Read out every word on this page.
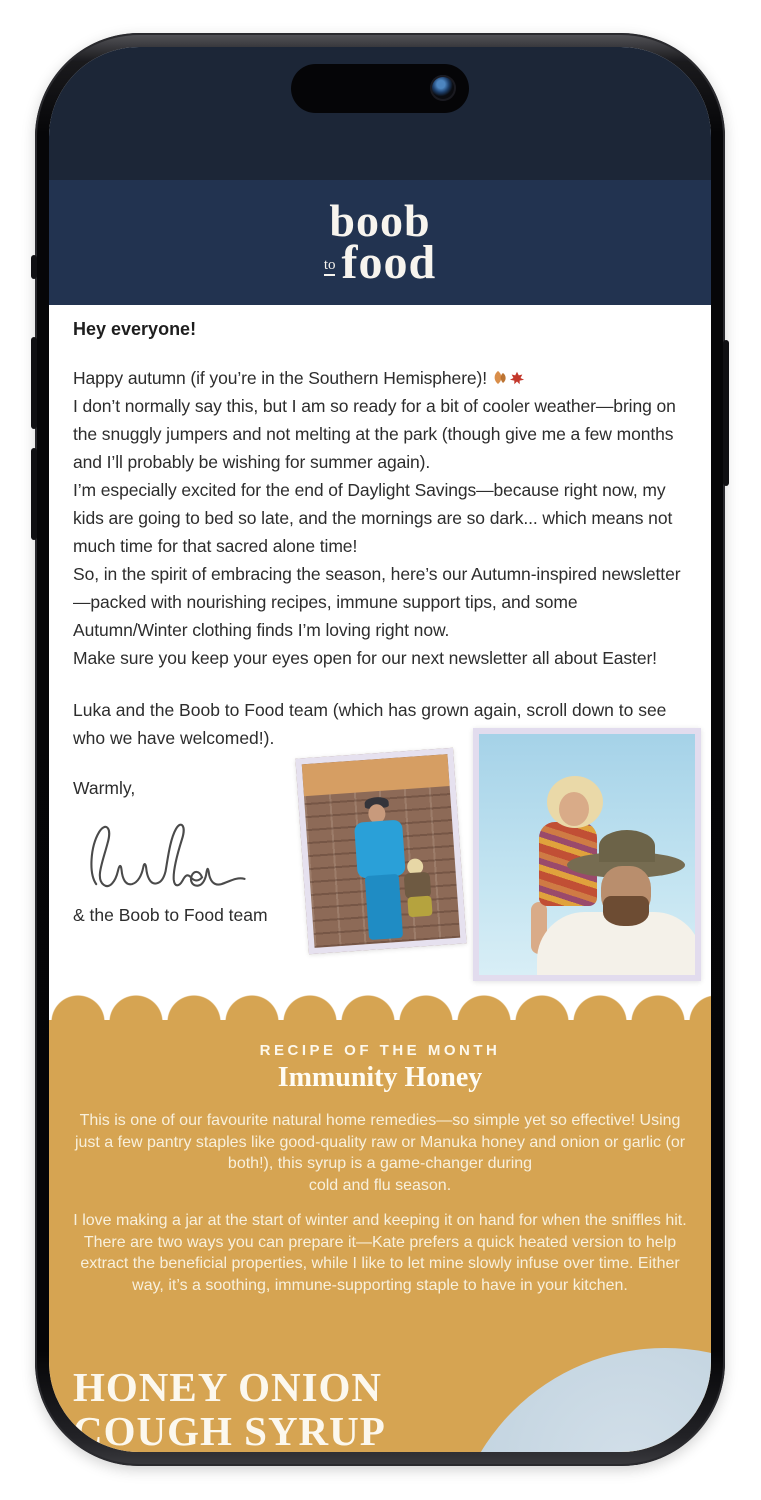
boob
to food

Hey everyone!

Happy autumn (if you’re in the Southern Hemisphere)!

I don’t normally say this, but I am so ready for a bit of cooler weather—bring on the snuggly jumpers and not melting at the park (though give me a few months and I’ll probably be wishing for summer again).

I’m especially excited for the end of Daylight Savings—because right now, my kids are going to bed so late, and the mornings are so dark... which means not much time for that sacred alone time!

So, in the spirit of embracing the season, here’s our Autumn-inspired newsletter—packed with nourishing recipes, immune support tips, and some Autumn/Winter clothing finds I’m loving right now.

Make sure you keep your eyes open for our next newsletter all about Easter!

Luka and the Boob to Food team (which has grown again, scroll down to see who we have welcomed!).

Warmly,

& the Boob to Food team

RECIPE OF THE MONTH
Immunity Honey
This is one of our favourite natural home remedies—so simple yet so effective! Using just a few pantry staples like good-quality raw or Manuka honey and onion or garlic (or both!), this syrup is a game-changer during
cold and flu season.
I love making a jar at the start of winter and keeping it on hand for when the sniffles hit. There are two ways you can prepare it—Kate prefers a quick heated version to help extract the beneficial properties, while I like to let mine slowly infuse over time. Either way, it’s a soothing, immune-supporting staple to have in your kitchen.
HONEY ONION
COUGH SYRUP
